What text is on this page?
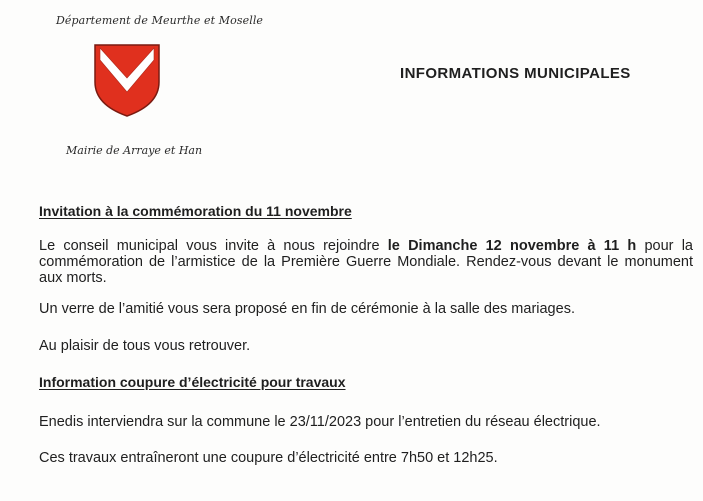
Département de Meurthe et Moselle
Mairie de Arraye et Han
INFORMATIONS MUNICIPALES
Invitation à la commémoration du 11 novembre
Le conseil municipal vous invite à nous rejoindre le Dimanche 12 novembre à 11 h pour la commémoration de l’armistice de la Première Guerre Mondiale. Rendez-vous devant le monument aux morts.
Un verre de l’amitié vous sera proposé en fin de cérémonie à la salle des mariages.
Au plaisir de tous vous retrouver.
Information coupure d’électricité pour travaux
Enedis interviendra sur la commune le 23/11/2023 pour l’entretien du réseau électrique.
Ces travaux entraîneront une coupure d’électricité entre 7h50 et 12h25.
